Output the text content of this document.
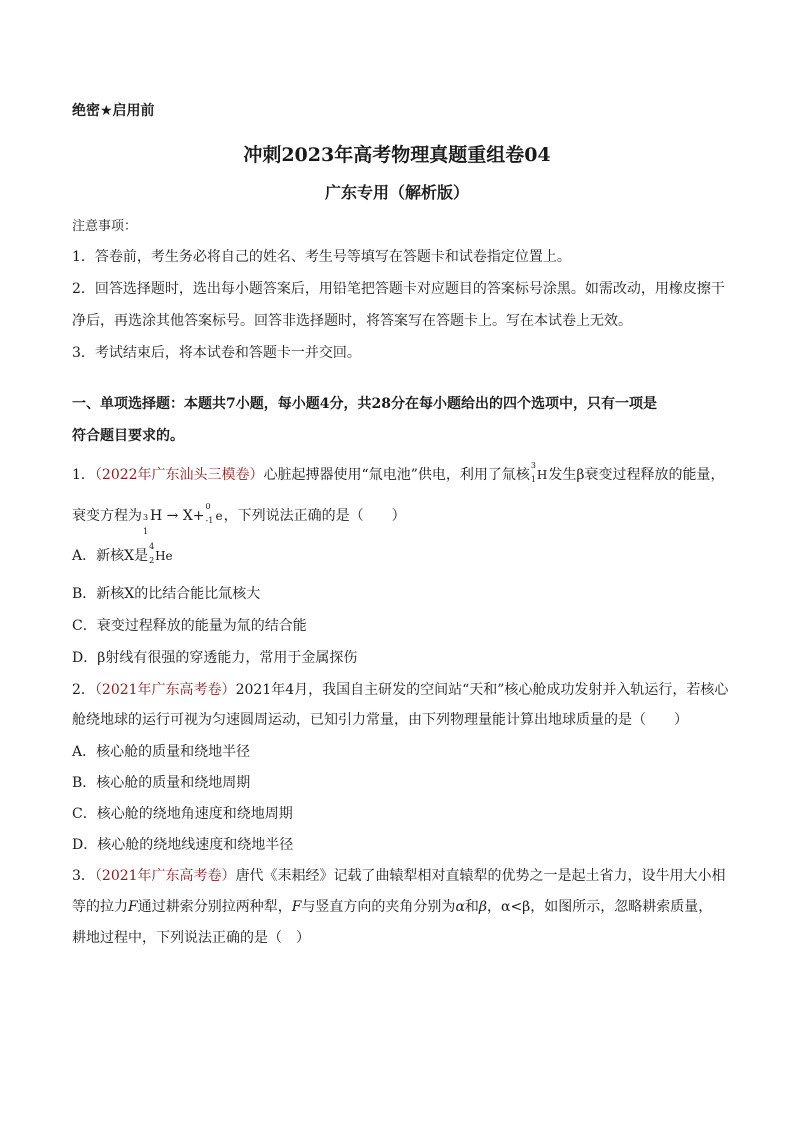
绝密★启用前
冲刺2023年高考物理真题重组卷04
广东专用（解析版）
注意事项：
1．答卷前，考生务必将自己的姓名、考生号等填写在答题卡和试卷指定位置上。
2．回答选择题时，选出每小题答案后，用铅笔把答题卡对应题目的答案标号涂黑。如需改动，用橡皮擦干
净后，再选涂其他答案标号。回答非选择题时，将答案写在答题卡上。写在本试卷上无效。
3．考试结束后，将本试卷和答题卡一并交回。
一、单项选择题：本题共7小题，每小题4分，共28分在每小题给出的四个选项中，只有一项是
符合题目要求的。
1．（2022年广东汕头三模卷）心脏起搏器使用“氚电池”供电，利用了氚核
3
1 H发生β衰变过程释放的能量，
衰变方程为 3
1
H → X+
0
-1 e，下列说法正确的是（　　）
A．新核X是
4
2 He
B．新核X的比结合能比氚核大
C．衰变过程释放的能量为氚的结合能
D．β射线有很强的穿透能力，常用于金属探伤
2．（2021年广东高考卷）2021年4月，我国自主研发的空间站“天和”核心舱成功发射并入轨运行，若核心
舱绕地球的运行可视为匀速圆周运动，已知引力常量，由下列物理量能计算出地球质量的是（　　）
A．核心舱的质量和绕地半径
B．核心舱的质量和绕地周期
C．核心舱的绕地角速度和绕地周期
D．核心舱的绕地线速度和绕地半径
3．（2021年广东高考卷）唐代《耒耜经》记载了曲辕犁相对直辕犁的优势之一是起土省力，设牛用大小相
等的拉力F通过耕索分别拉两种犁，F与竖直方向的夹角分别为α和β，α<β，如图所示，忽略耕索质量，
耕地过程中，下列说法正确的是（　）
